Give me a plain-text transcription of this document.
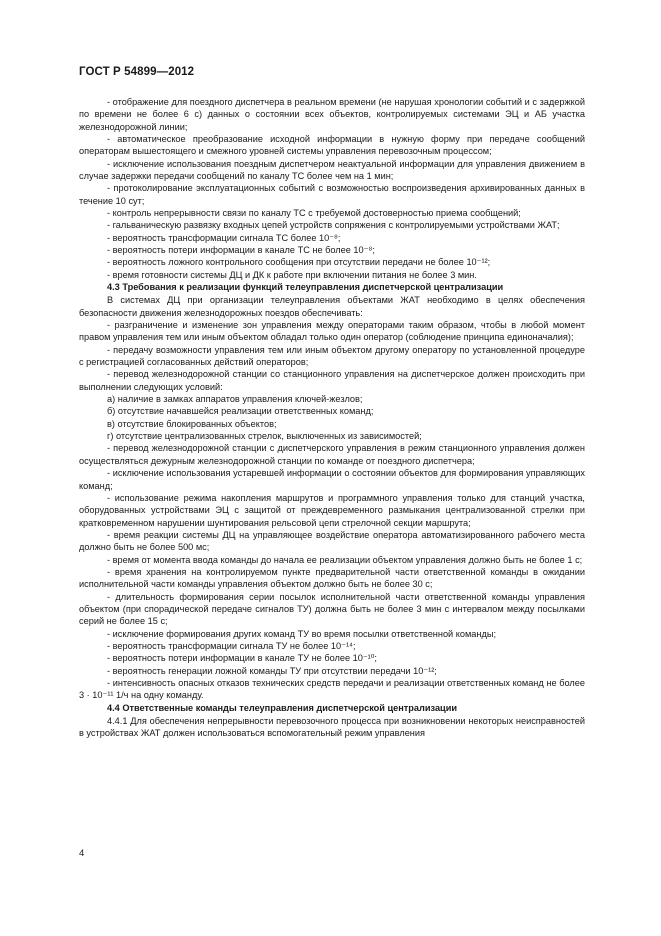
ГОСТ Р 54899—2012

- отображение для поездного диспетчера в реальном времени (не нарушая хронологии событий и с задержкой по времени не более 6 с) данных о состоянии всех объектов, контролируемых системами ЭЦ и АБ участка железнодорожной линии;

- автоматическое преобразование исходной информации в нужную форму при передаче сообщений операторам вышестоящего и смежного уровней системы управления перевозочным процессом;

- исключение использования поездным диспетчером неактуальной информации для управления движением в случае задержки передачи сообщений по каналу ТС более чем на 1 мин;

- протоколирование эксплуатационных событий с возможностью воспроизведения архивированных данных в течение 10 сут;

- контроль непрерывности связи по каналу ТС с требуемой достоверностью приема сообщений;

- гальваническую развязку входных цепей устройств сопряжения с контролируемыми устройствами ЖАТ;

- вероятность трансформации сигнала ТС более 10⁻⁸;

- вероятность потери информации в канале ТС не более 10⁻⁸;

- вероятность ложного контрольного сообщения при отсутствии передачи не более 10⁻¹²;

- время готовности системы ДЦ и ДК к работе при включении питания не более 3 мин.

4.3 Требования к реализации функций телеуправления диспетчерской централизации

В системах ДЦ при организации телеуправления объектами ЖАТ необходимо в целях обеспечения безопасности движения железнодорожных поездов обеспечивать:

- разграничение и изменение зон управления между операторами таким образом, чтобы в любой момент правом управления тем или иным объектом обладал только один оператор (соблюдение принципа единоначалия);

- передачу возможности управления тем или иным объектом другому оператору по установленной процедуре с регистрацией согласованных действий операторов;

- перевод железнодорожной станции со станционного управления на диспетчерское должен происходить при выполнении следующих условий:

а) наличие в замках аппаратов управления ключей-жезлов;

б) отсутствие начавшейся реализации ответственных команд;

в) отсутствие блокированных объектов;

г) отсутствие централизованных стрелок, выключенных из зависимостей;

- перевод железнодорожной станции с диспетчерского управления в режим станционного управления должен осуществляться дежурным железнодорожной станции по команде от поездного диспетчера;

- исключение использования устаревшей информации о состоянии объектов для формирования управляющих команд;

- использование режима накопления маршрутов и программного управления только для станций участка, оборудованных устройствами ЭЦ с защитой от преждевременного размыкания централизованной стрелки при кратковременном нарушении шунтирования рельсовой цепи стрелочной секции маршрута;

- время реакции системы ДЦ на управляющее воздействие оператора автоматизированного рабочего места должно быть не более 500 мс;

- время от момента ввода команды до начала ее реализации объектом управления должно быть не более 1 с;

- время хранения на контролируемом пункте предварительной части ответственной команды в ожидании исполнительной части команды управления объектом должно быть не более 30 с;

- длительность формирования серии посылок исполнительной части ответственной команды управления объектом (при спорадической передаче сигналов ТУ) должна быть не более 3 мин с интервалом между посылками серий не более 15 с;

- исключение формирования других команд ТУ во время посылки ответственной команды;

- вероятность трансформации сигнала ТУ не более 10⁻¹⁴;

- вероятность потери информации в канале ТУ не более 10⁻¹⁰;

- вероятность генерации ложной команды ТУ при отсутствии передачи 10⁻¹²;

- интенсивность опасных отказов технических средств передачи и реализации ответственных команд не более 3 · 10⁻¹¹ 1/ч на одну команду.

4.4 Ответственные команды телеуправления диспетчерской централизации

4.4.1 Для обеспечения непрерывности перевозочного процесса при возникновении некоторых неисправностей в устройствах ЖАТ должен использоваться вспомогательный режим управления

4
